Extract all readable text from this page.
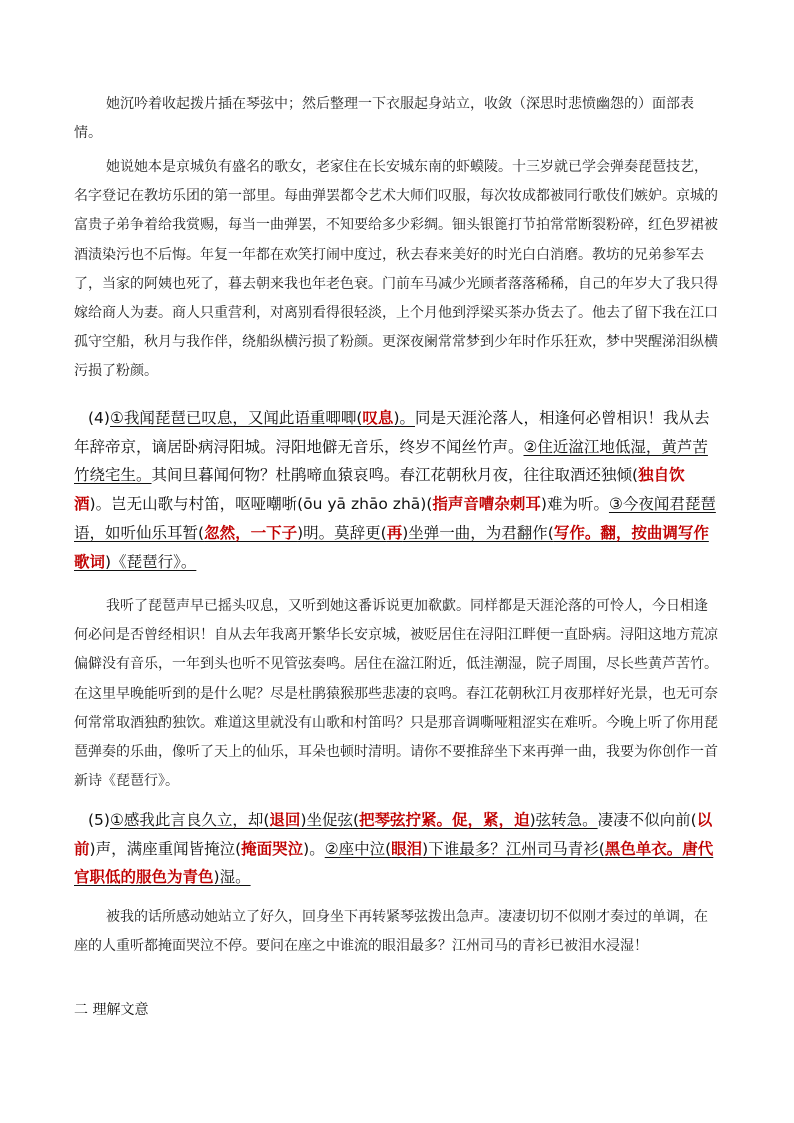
她沉吟着收起拨片插在琴弦中；然后整理一下衣服起身站立，收敛（深思时悲愤幽怨的）面部表情。
她说她本是京城负有盛名的歌女，老家住在长安城东南的虾蟆陵。十三岁就已学会弹奏琵琶技艺，名字登记在教坊乐团的第一部里。每曲弹罢都令艺术大师们叹服，每次妆成都被同行歌伎们嫉妒。京城的富贵子弟争着给我赏赐，每当一曲弹罢，不知要给多少彩绸。钿头银篦打节拍常常断裂粉碎，红色罗裙被酒渍染污也不后悔。年复一年都在欢笑打闹中度过，秋去春来美好的时光白白消磨。教坊的兄弟参军去了，当家的阿姨也死了，暮去朝来我也年老色衰。门前车马减少光顾者落落稀稀，自己的年岁大了我只得嫁给商人为妻。商人只重营利，对离别看得很轻淡，上个月他到浮梁买茶办货去了。他去了留下我在江口孤守空船，秋月与我作伴，绕船纵横污损了粉颜。更深夜阑常常梦到少年时作乐狂欢，梦中哭醒涕泪纵横污损了粉颜。
(4)①我闻琵琶已叹息，又闻此语重唧唧(叹息)。同是天涯沦落人，相逢何必曾相识！我从去年辞帝京，谪居卧病浔阳城。浔阳地僻无音乐，终岁不闻丝竹声。②住近湓江地低湿，黄芦苦竹绕宅生。其间旦暮闻何物？杜鹃啼血猿哀鸣。春江花朝秋月夜，往往取酒还独倾(独自饮酒)。岂无山歌与村笛，呕哑嘲哳(ōu yā zhāo zhā)(指声音嘈杂刺耳)难为听。③今夜闻君琵琶语，如听仙乐耳暂(忽然，一下子)明。莫辞更(再)坐弹一曲，为君翻作(写作。翻，按曲调写作歌词)《琵琶行》。
我听了琵琶声早已摇头叹息，又听到她这番诉说更加欷歔。同样都是天涯沦落的可怜人，今日相逢何必问是否曾经相识！自从去年我离开繁华长安京城，被贬居住在浔阳江畔便一直卧病。浔阳这地方荒凉偏僻没有音乐，一年到头也听不见管弦奏鸣。居住在湓江附近，低洼潮湿，院子周围，尽长些黄芦苦竹。在这里早晚能听到的是什么呢？尽是杜鹃猿猴那些悲凄的哀鸣。春江花朝秋江月夜那样好光景，也无可奈何常常取酒独酌独饮。难道这里就没有山歌和村笛吗？只是那音调嘶哑粗涩实在难听。今晚上听了你用琵琶弹奏的乐曲，像听了天上的仙乐，耳朵也顿时清明。请你不要推辞坐下来再弹一曲，我要为你创作一首新诗《琵琶行》。
(5)①感我此言良久立，却(退回)坐促弦(把琴弦拧紧。促，紧，迫)弦转急。凄凄不似向前(以前)声，满座重闻皆掩泣(掩面哭泣)。②座中泣(眼泪)下谁最多？江州司马青衫(黑色单衣。唐代官职低的服色为青色)湿。
被我的话所感动她站立了好久，回身坐下再转紧琴弦拨出急声。凄凄切切不似刚才奏过的单调，在座的人重听都掩面哭泣不停。要问在座之中谁流的眼泪最多？江州司马的青衫已被泪水浸湿！
二 理解文意
